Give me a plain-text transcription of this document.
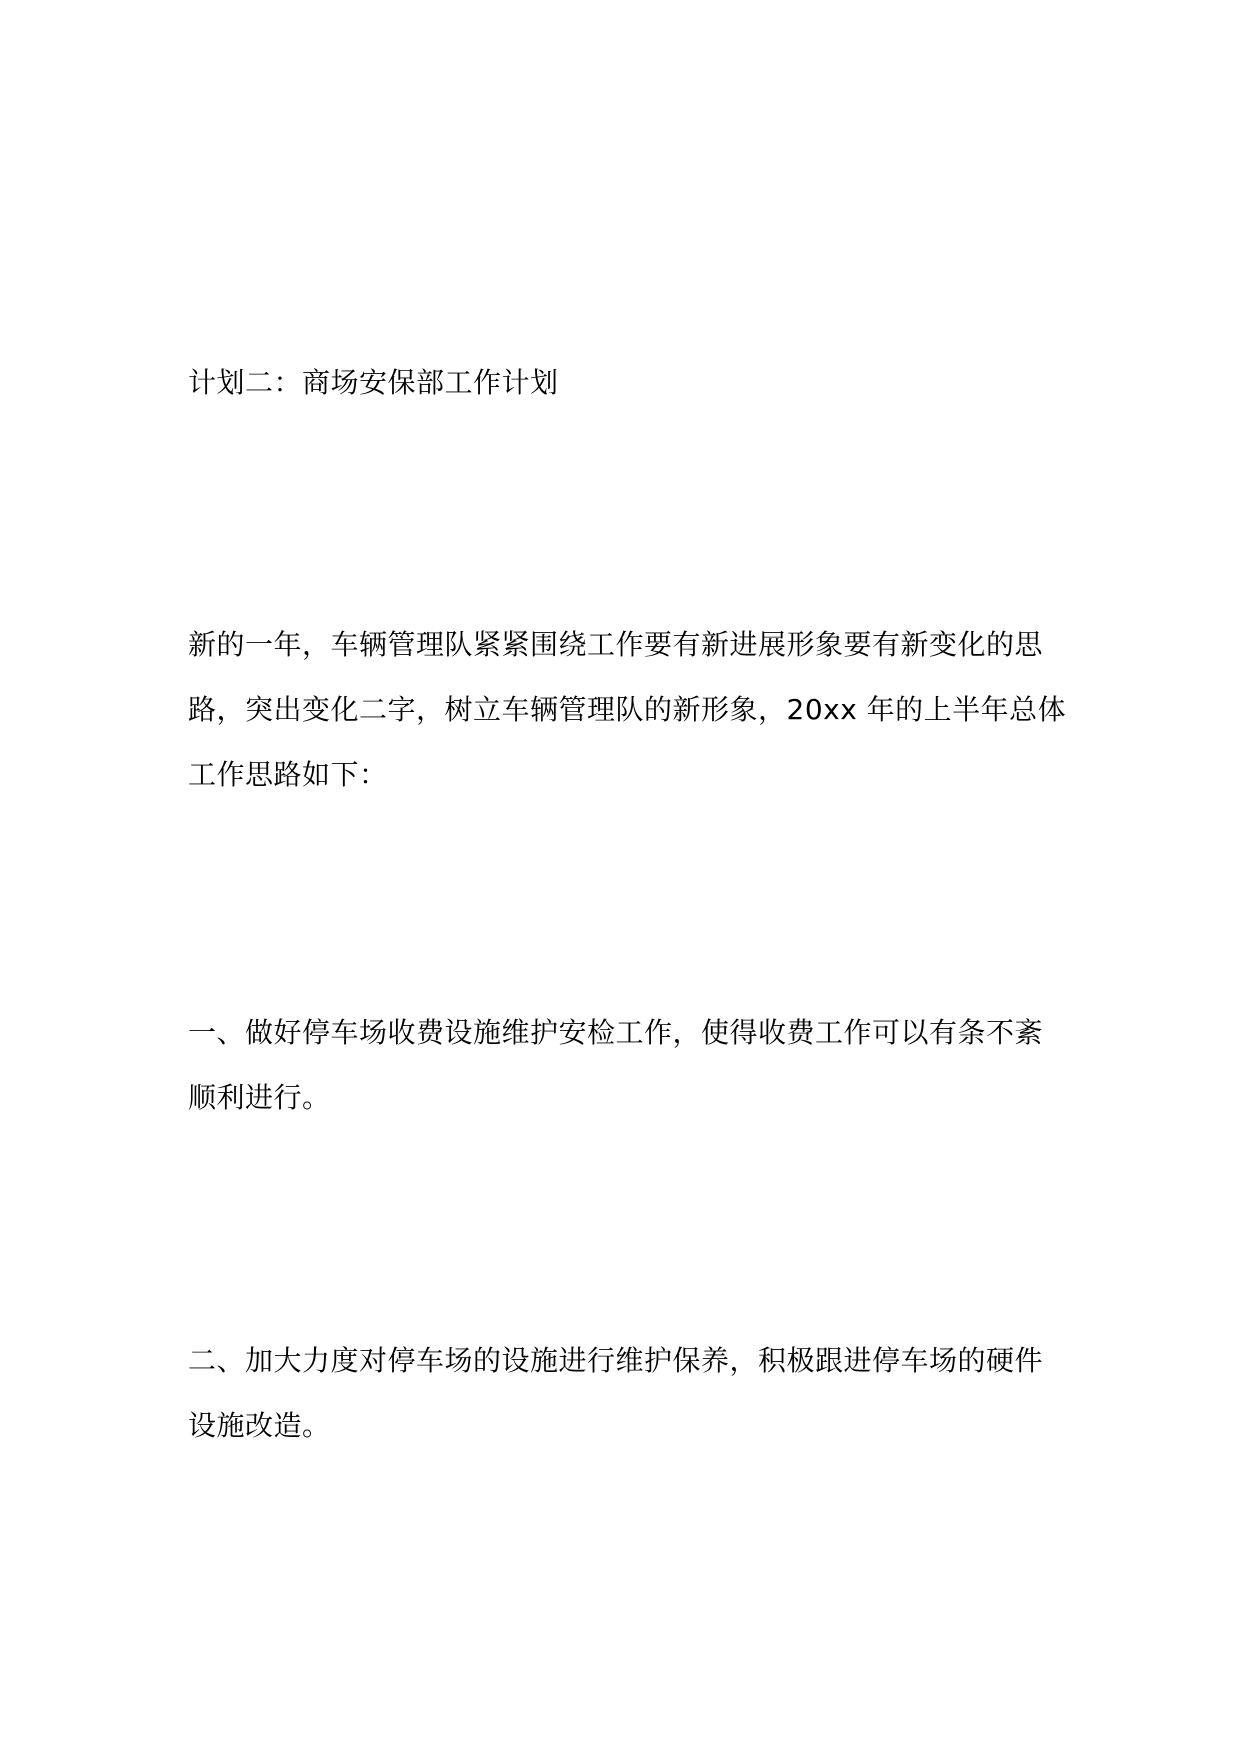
计划二：商场安保部工作计划
新的一年，车辆管理队紧紧围绕工作要有新进展形象要有新变化的思路，突出变化二字，树立车辆管理队的新形象，20xx 年的上半年总体工作思路如下：
一、做好停车场收费设施维护安检工作，使得收费工作可以有条不紊顺利进行。
二、加大力度对停车场的设施进行维护保养，积极跟进停车场的硬件设施改造。
